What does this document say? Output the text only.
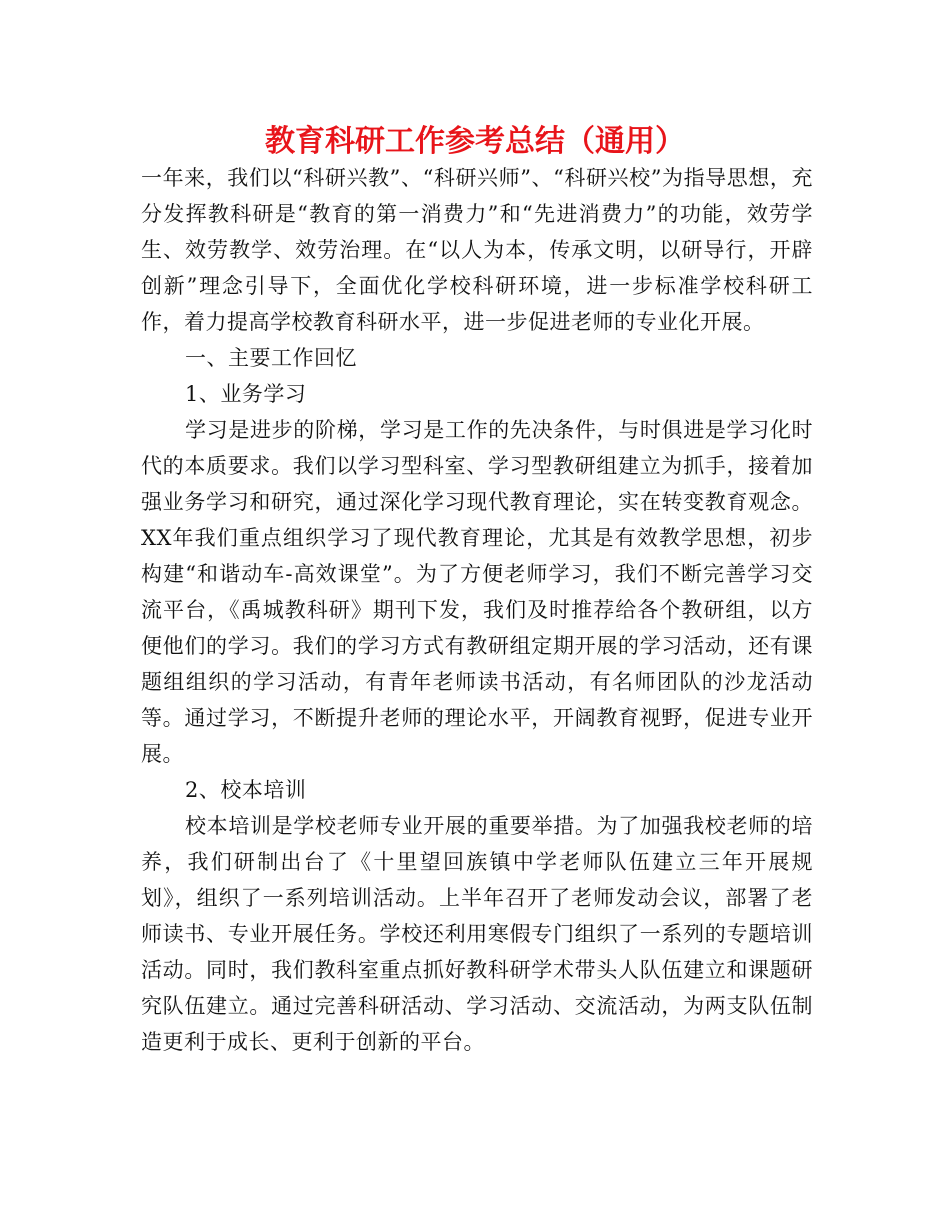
教育科研工作参考总结（通用）

一年来，我们以“科研兴教”、“科研兴师”、“科研兴校”为指导思想，充分发挥教科研是“教育的第一消费力”和“先进消费力”的功能，效劳学生、效劳教学、效劳治理。在“以人为本，传承文明，以研导行，开辟创新”理念引导下，全面优化学校科研环境，进一步标准学校科研工作，着力提高学校教育科研水平，进一步促进老师的专业化开展。

一、主要工作回忆

1、业务学习

学习是进步的阶梯，学习是工作的先决条件，与时俱进是学习化时代的本质要求。我们以学习型科室、学习型教研组建立为抓手，接着加强业务学习和研究，通过深化学习现代教育理论，实在转变教育观念。XX年我们重点组织学习了现代教育理论，尤其是有效教学思想，初步构建“和谐动车-高效课堂”。为了方便老师学习，我们不断完善学习交流平台，《禹城教科研》期刊下发，我们及时推荐给各个教研组，以方便他们的学习。我们的学习方式有教研组定期开展的学习活动，还有课题组组织的学习活动，有青年老师读书活动，有名师团队的沙龙活动等。通过学习，不断提升老师的理论水平，开阔教育视野，促进专业开展。

2、校本培训

校本培训是学校老师专业开展的重要举措。为了加强我校老师的培养，我们研制出台了《十里望回族镇中学老师队伍建立三年开展规划》，组织了一系列培训活动。上半年召开了老师发动会议，部署了老师读书、专业开展任务。学校还利用寒假专门组织了一系列的专题培训活动。同时，我们教科室重点抓好教科研学术带头人队伍建立和课题研究队伍建立。通过完善科研活动、学习活动、交流活动，为两支队伍制造更利于成长、更利于创新的平台。
